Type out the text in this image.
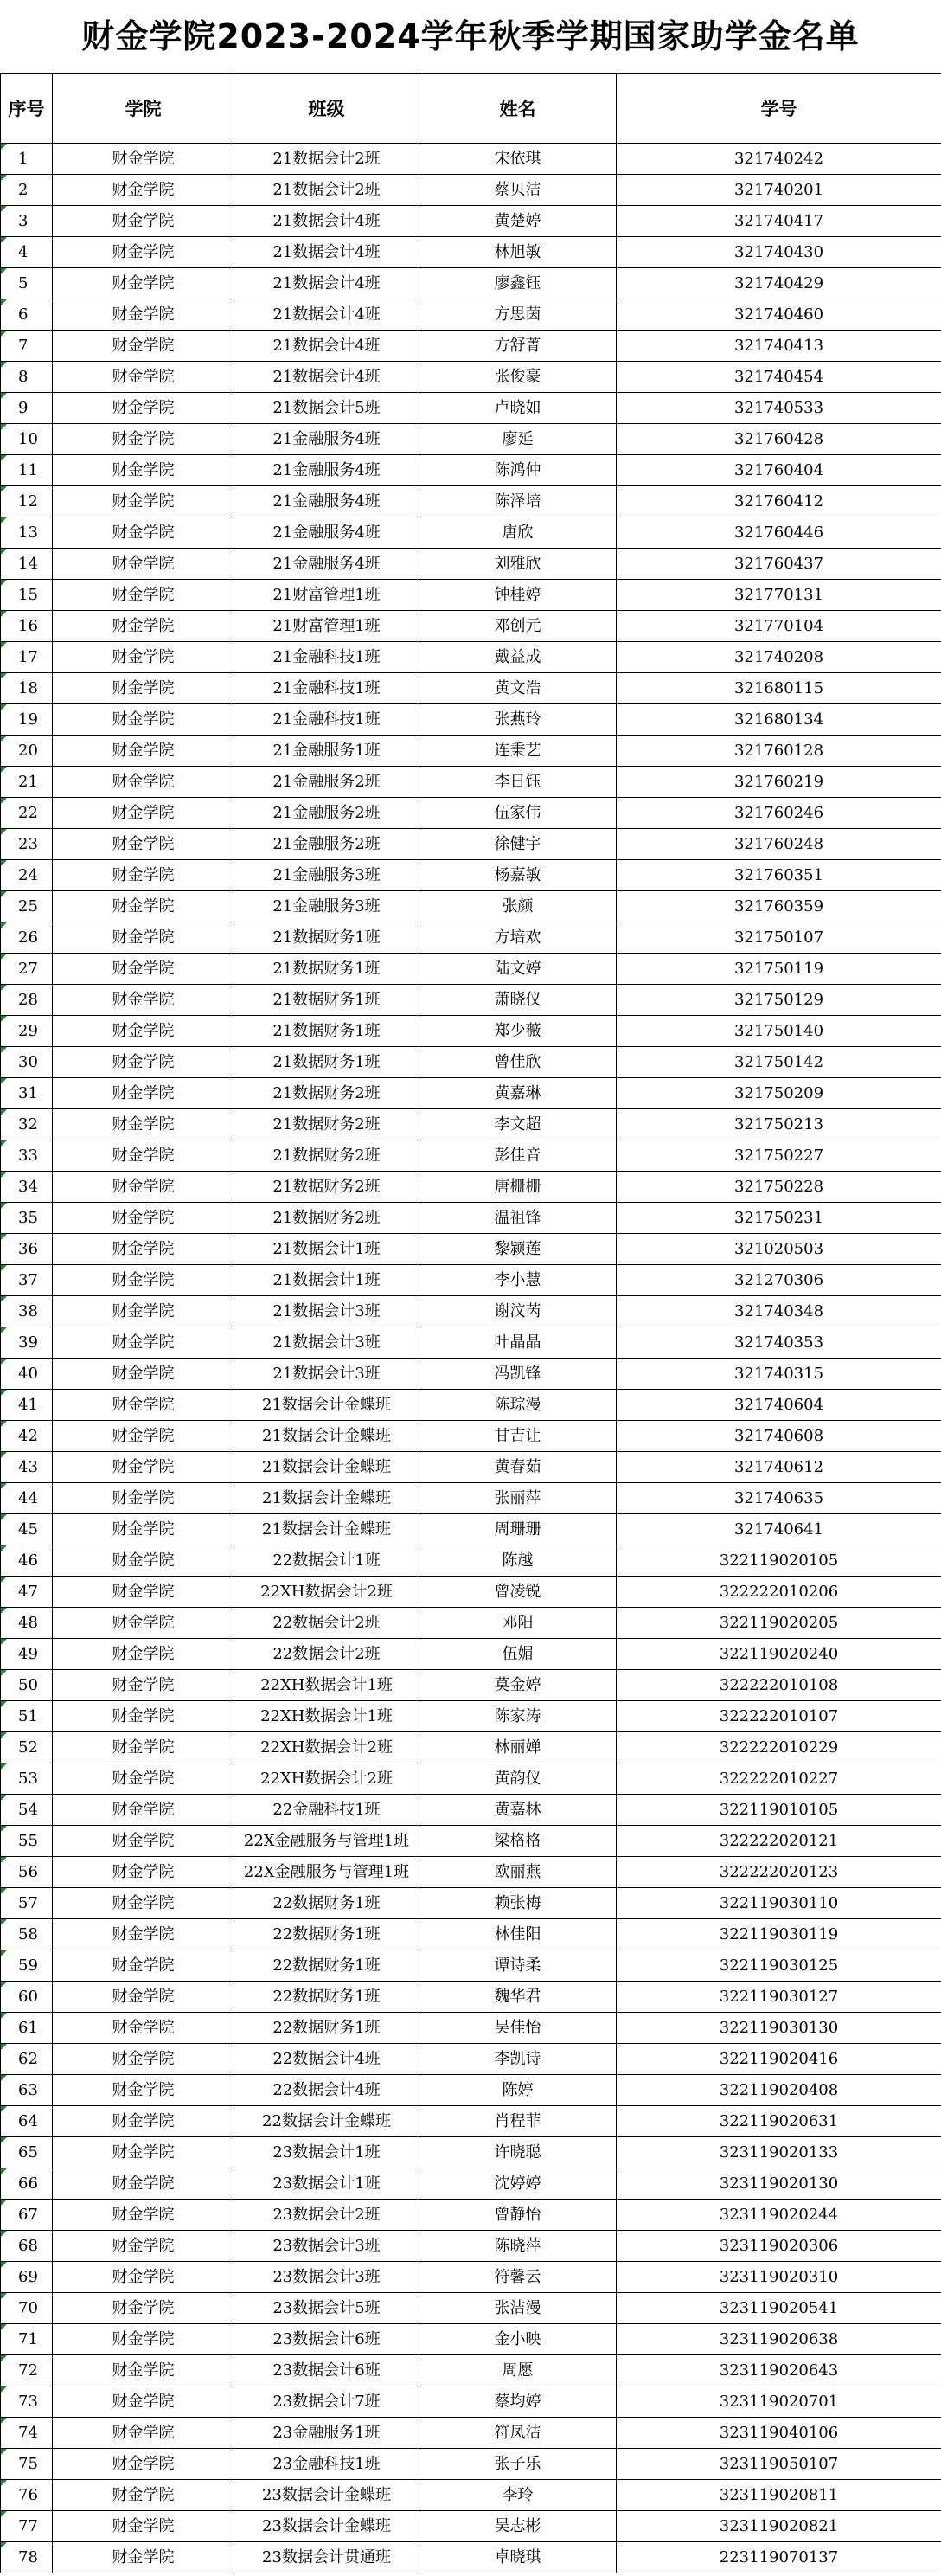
财金学院2023-2024学年秋季学期国家助学金名单
序号	学院	班级	姓名	学号
1	财金学院	21数据会计2班	宋依琪	321740242
2	财金学院	21数据会计2班	蔡贝洁	321740201
3	财金学院	21数据会计4班	黄楚婷	321740417
4	财金学院	21数据会计4班	林旭敏	321740430
5	财金学院	21数据会计4班	廖鑫钰	321740429
6	财金学院	21数据会计4班	方思茵	321740460
7	财金学院	21数据会计4班	方舒菁	321740413
8	财金学院	21数据会计4班	张俊豪	321740454
9	财金学院	21数据会计5班	卢晓如	321740533
10	财金学院	21金融服务4班	廖延	321760428
11	财金学院	21金融服务4班	陈鸿仲	321760404
12	财金学院	21金融服务4班	陈泽培	321760412
13	财金学院	21金融服务4班	唐欣	321760446
14	财金学院	21金融服务4班	刘雅欣	321760437
15	财金学院	21财富管理1班	钟桂婷	321770131
16	财金学院	21财富管理1班	邓创元	321770104
17	财金学院	21金融科技1班	戴益成	321740208
18	财金学院	21金融科技1班	黄文浩	321680115
19	财金学院	21金融科技1班	张燕玲	321680134
20	财金学院	21金融服务1班	连秉艺	321760128
21	财金学院	21金融服务2班	李日钰	321760219
22	财金学院	21金融服务2班	伍家伟	321760246
23	财金学院	21金融服务2班	徐健宇	321760248
24	财金学院	21金融服务3班	杨嘉敏	321760351
25	财金学院	21金融服务3班	张颜	321760359
26	财金学院	21数据财务1班	方培欢	321750107
27	财金学院	21数据财务1班	陆文婷	321750119
28	财金学院	21数据财务1班	萧晓仪	321750129
29	财金学院	21数据财务1班	郑少薇	321750140
30	财金学院	21数据财务1班	曾佳欣	321750142
31	财金学院	21数据财务2班	黄嘉琳	321750209
32	财金学院	21数据财务2班	李文超	321750213
33	财金学院	21数据财务2班	彭佳音	321750227
34	财金学院	21数据财务2班	唐栅栅	321750228
35	财金学院	21数据财务2班	温祖锋	321750231
36	财金学院	21数据会计1班	黎颍莲	321020503
37	财金学院	21数据会计1班	李小慧	321270306
38	财金学院	21数据会计3班	谢汶芮	321740348
39	财金学院	21数据会计3班	叶晶晶	321740353
40	财金学院	21数据会计3班	冯凯锋	321740315
41	财金学院	21数据会计金蝶班	陈琮漫	321740604
42	财金学院	21数据会计金蝶班	甘吉让	321740608
43	财金学院	21数据会计金蝶班	黄春茹	321740612
44	财金学院	21数据会计金蝶班	张丽萍	321740635
45	财金学院	21数据会计金蝶班	周珊珊	321740641
46	财金学院	22数据会计1班	陈越	322119020105
47	财金学院	22XH数据会计2班	曾凌锐	322222010206
48	财金学院	22数据会计2班	邓阳	322119020205
49	财金学院	22数据会计2班	伍媚	322119020240
50	财金学院	22XH数据会计1班	莫金婷	322222010108
51	财金学院	22XH数据会计1班	陈家涛	322222010107
52	财金学院	22XH数据会计2班	林丽婵	322222010229
53	财金学院	22XH数据会计2班	黄韵仪	322222010227
54	财金学院	22金融科技1班	黄嘉林	322119010105
55	财金学院	22X金融服务与管理1班	梁格格	322222020121
56	财金学院	22X金融服务与管理1班	欧丽燕	322222020123
57	财金学院	22数据财务1班	赖张梅	322119030110
58	财金学院	22数据财务1班	林佳阳	322119030119
59	财金学院	22数据财务1班	谭诗柔	322119030125
60	财金学院	22数据财务1班	魏华君	322119030127
61	财金学院	22数据财务1班	吴佳怡	322119030130
62	财金学院	22数据会计4班	李凯诗	322119020416
63	财金学院	22数据会计4班	陈婷	322119020408
64	财金学院	22数据会计金蝶班	肖程菲	322119020631
65	财金学院	23数据会计1班	许晓聪	323119020133
66	财金学院	23数据会计1班	沈婷婷	323119020130
67	财金学院	23数据会计2班	曾静怡	323119020244
68	财金学院	23数据会计3班	陈晓萍	323119020306
69	财金学院	23数据会计3班	符馨云	323119020310
70	财金学院	23数据会计5班	张洁漫	323119020541
71	财金学院	23数据会计6班	金小映	323119020638
72	财金学院	23数据会计6班	周愿	323119020643
73	财金学院	23数据会计7班	蔡均婷	323119020701
74	财金学院	23金融服务1班	符凤洁	323119040106
75	财金学院	23金融科技1班	张子乐	323119050107
76	财金学院	23数据会计金蝶班	李玲	323119020811
77	财金学院	23数据会计金蝶班	吴志彬	323119020821
78	财金学院	23数据会计贯通班	卓晓琪	223119070137
